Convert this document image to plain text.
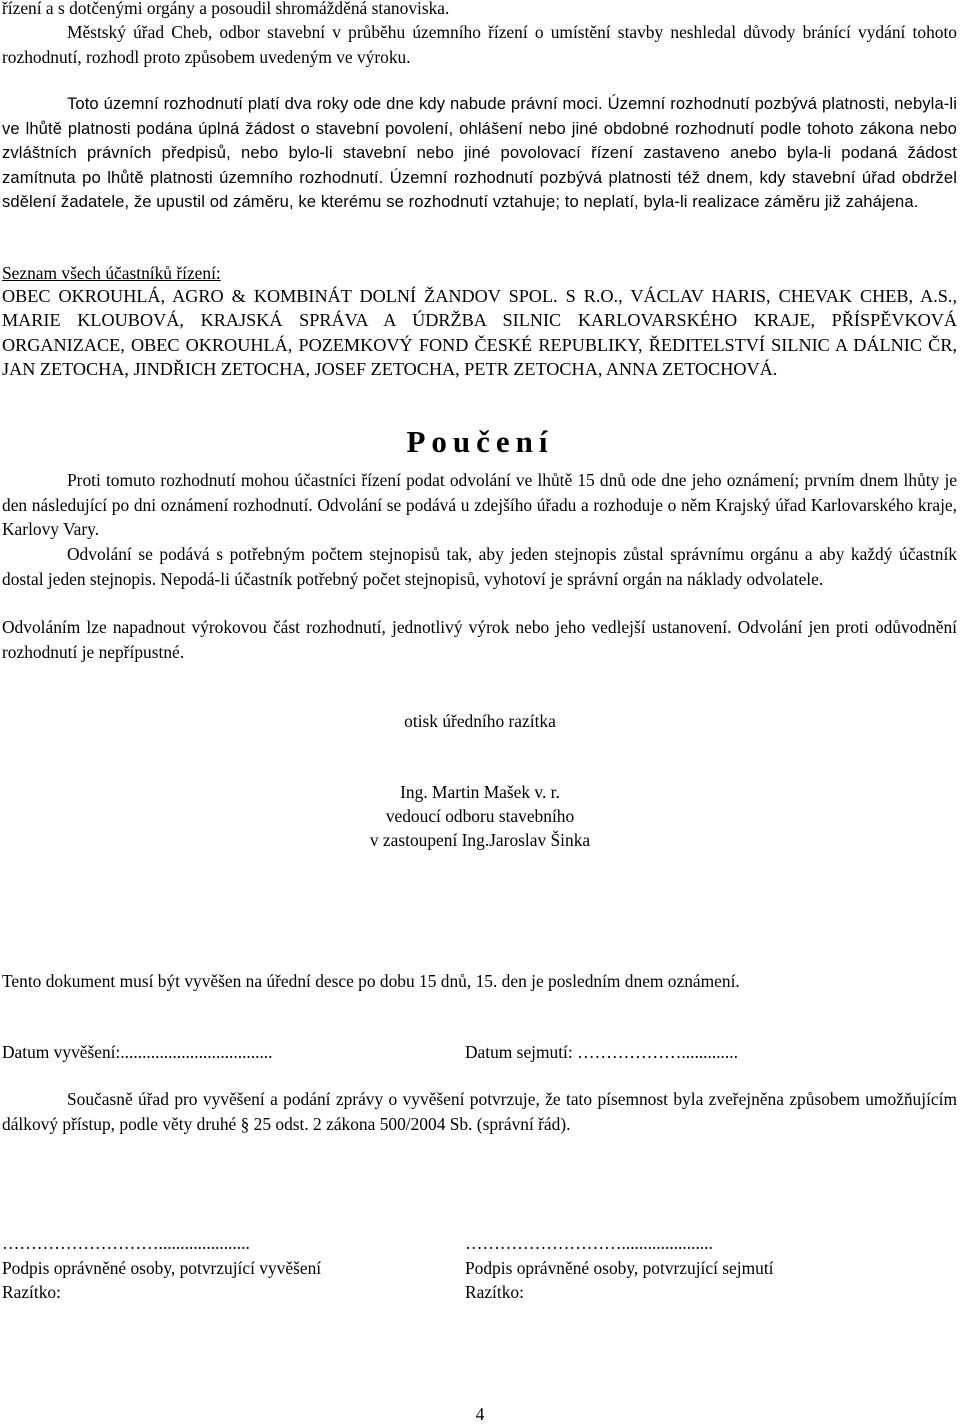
řízení a s dotčenými orgány a posoudil shromážděná stanoviska.

Městský úřad Cheb, odbor stavební v průběhu územního řízení o umístění stavby neshledal důvody bránící vydání tohoto rozhodnutí, rozhodl proto způsobem uvedeným ve výroku.

Toto územní rozhodnutí platí dva roky ode dne kdy nabude právní moci. Územní rozhodnutí pozbývá platnosti, nebyla-li ve lhůtě platnosti podána úplná žádost o stavební povolení, ohlášení nebo jiné obdobné rozhodnutí podle tohoto zákona nebo zvláštních právních předpisů, nebo bylo-li stavební nebo jiné povolovací řízení zastaveno anebo byla-li podaná žádost zamítnuta po lhůtě platnosti územního rozhodnutí. Územní rozhodnutí pozbývá platnosti též dnem, kdy stavební úřad obdržel sdělení žadatele, že upustil od záměru, ke kterému se rozhodnutí vztahuje; to neplatí, byla-li realizace záměru již zahájena.

Seznam všech účastníků řízení:

OBEC OKROUHLÁ, AGRO & KOMBINÁT DOLNÍ ŽANDOV SPOL. S R.O., VÁCLAV HARIS, CHEVAK CHEB, A.S., MARIE KLOUBOVÁ, KRAJSKÁ SPRÁVA A ÚDRŽBA SILNIC KARLOVARSKÉHO KRAJE, PŘÍSPĚVKOVÁ ORGANIZACE, OBEC OKROUHLÁ, POZEMKOVÝ FOND ČESKÉ REPUBLIKY, ŘEDITELSTVÍ SILNIC A DÁLNIC ČR, JAN ZETOCHA, JINDŘICH ZETOCHA, JOSEF ZETOCHA, PETR ZETOCHA, ANNA ZETOCHOVÁ.

Poučení

Proti tomuto rozhodnutí mohou účastníci řízení podat odvolání ve lhůtě 15 dnů ode dne jeho oznámení; prvním dnem lhůty je den následující po dni oznámení rozhodnutí. Odvolání se podává u zdejšího úřadu a rozhoduje o něm Krajský úřad Karlovarského kraje, Karlovy Vary.

Odvolání se podává s potřebným počtem stejnopisů tak, aby jeden stejnopis zůstal správnímu orgánu a aby každý účastník dostal jeden stejnopis. Nepodá-li účastník potřebný počet stejnopisů, vyhotoví je správní orgán na náklady odvolatele.

Odvoláním lze napadnout výrokovou část rozhodnutí, jednotlivý výrok nebo jeho vedlejší ustanovení. Odvolání jen proti odůvodnění rozhodnutí je nepřípustné.

otisk úředního razítka
Ing. Martin Mašek v. r.
vedoucí odboru stavebního
v zastoupení Ing.Jaroslav Šinka

Tento dokument musí být vyvěšen na úřední desce po dobu 15 dnů, 15. den je posledním dnem oznámení.

Datum vyvěšení:...................................	Datum sejmutí: ……………….............

Současně úřad pro vyvěšení a podání zprávy o vyvěšení potvrzuje, že tato písemnost byla zveřejněna způsobem umožňujícím dálkový přístup, podle věty druhé § 25 odst. 2 zákona 500/2004 Sb. (správní řád).

……………………….....................
Podpis oprávněné osoby, potvrzující vyvěšení
Razítko:
……………………….....................
Podpis oprávněné osoby, potvrzující sejmutí
Razítko:
4
